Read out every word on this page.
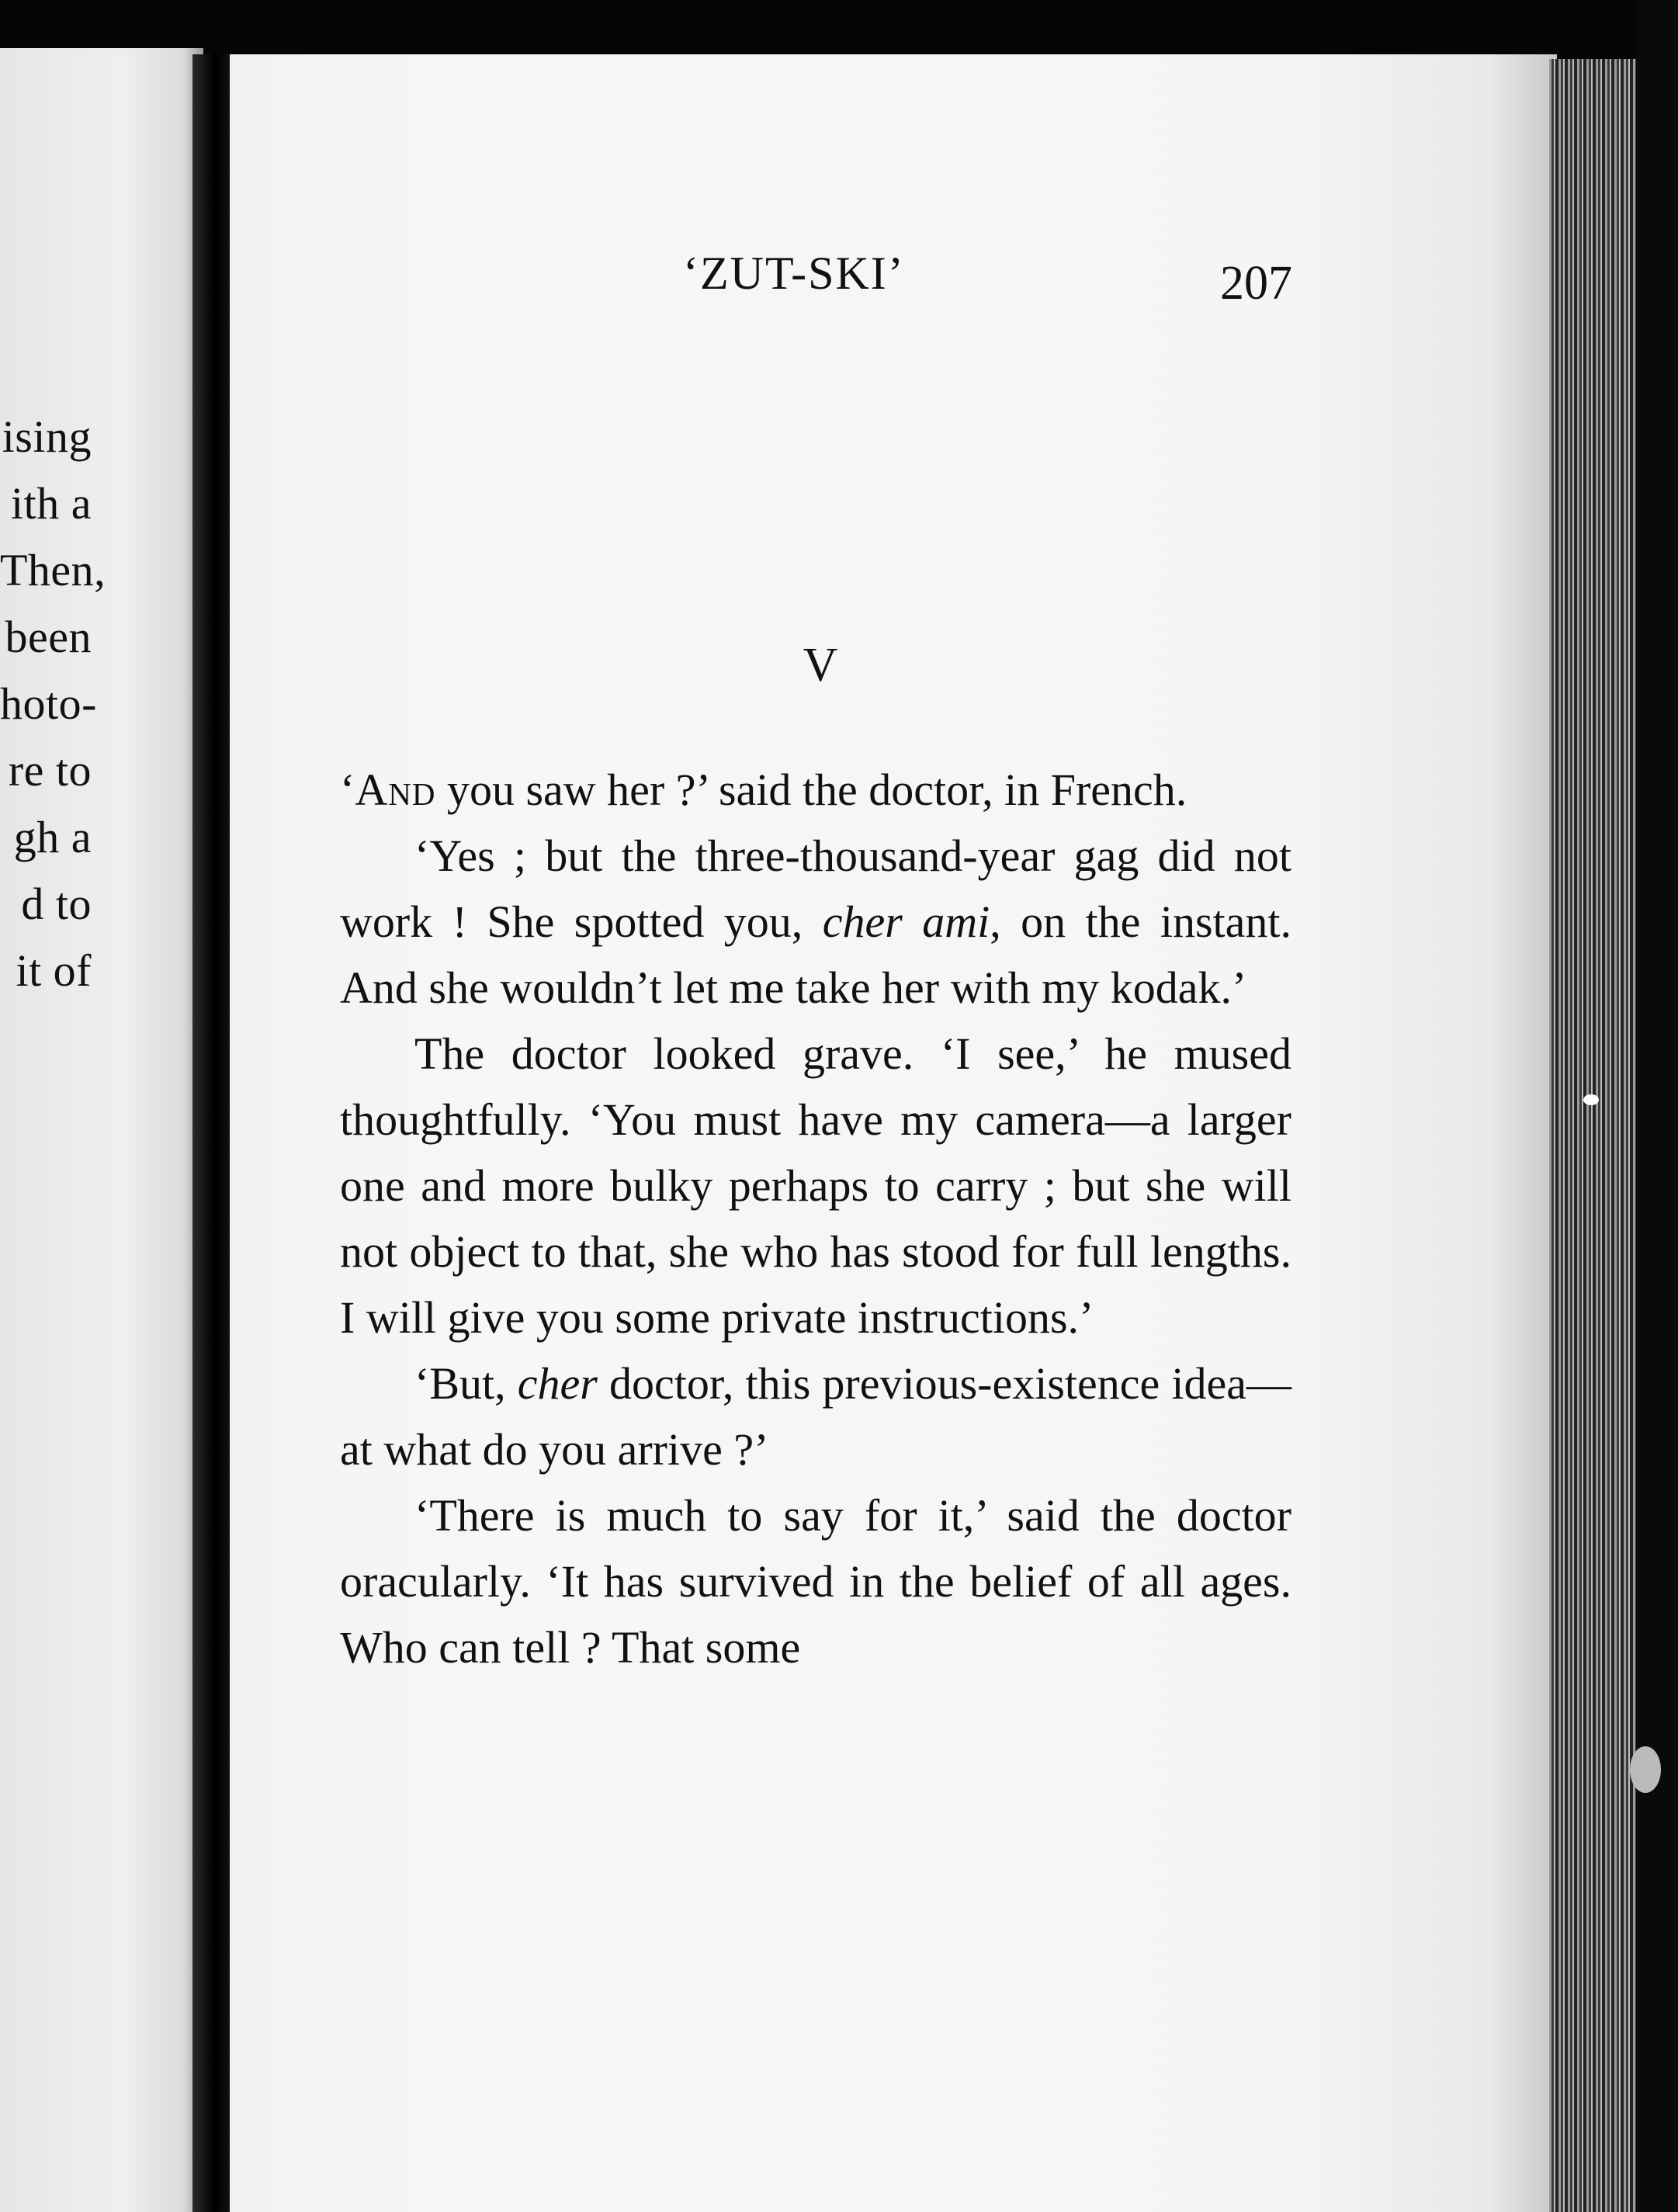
ising
ith a
Then,
been
hoto-
re to
gh a
d to
it of
‘ZUT-SKI’	207
V

‘And you saw her ?’ said the doctor, in French.

‘Yes ; but the three-thousand-year gag did not work ! She spotted you, cher ami, on the instant. And she wouldn’t let me take her with my kodak.’

The doctor looked grave. ‘I see,’ he mused thoughtfully. ‘You must have my camera—a larger one and more bulky perhaps to carry ; but she will not object to that, she who has stood for full lengths. I will give you some private instructions.’

‘But, cher doctor, this previous-existence idea—at what do you arrive ?’

‘There is much to say for it,’ said the doctor oracularly. ‘It has survived in the belief of all ages. Who can tell ? That some
